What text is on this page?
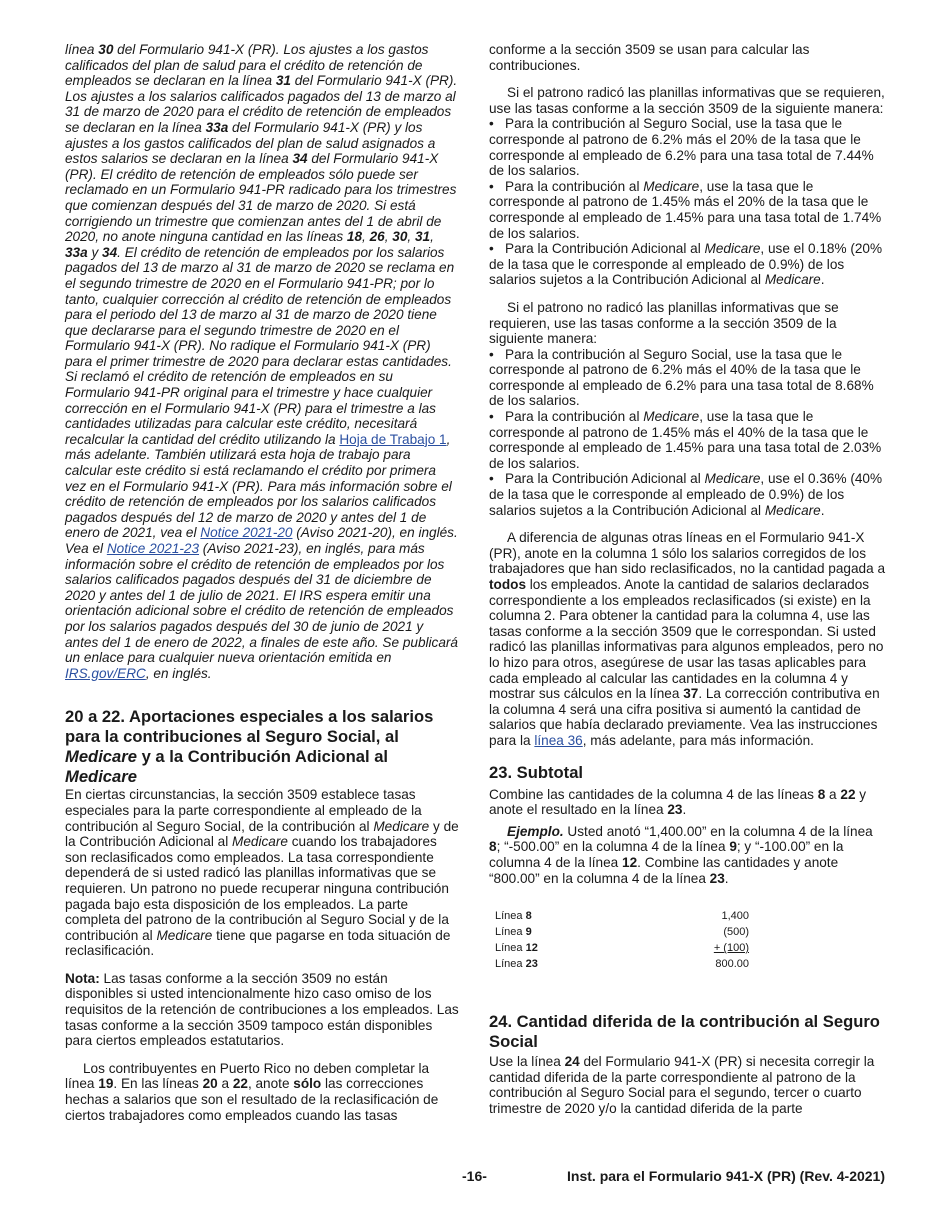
línea 30 del Formulario 941-X (PR). Los ajustes a los gastos calificados del plan de salud para el crédito de retención de empleados se declaran en la línea 31 del Formulario 941-X (PR). Los ajustes a los salarios calificados pagados del 13 de marzo al 31 de marzo de 2020 para el crédito de retención de empleados se declaran en la línea 33a del Formulario 941-X (PR) y los ajustes a los gastos calificados del plan de salud asignados a estos salarios se declaran en la línea 34 del Formulario 941-X (PR). El crédito de retención de empleados sólo puede ser reclamado en un Formulario 941-PR radicado para los trimestres que comienzan después del 31 de marzo de 2020. Si está corrigiendo un trimestre que comienzan antes del 1 de abril de 2020, no anote ninguna cantidad en las líneas 18, 26, 30, 31, 33a y 34. El crédito de retención de empleados por los salarios pagados del 13 de marzo al 31 de marzo de 2020 se reclama en el segundo trimestre de 2020 en el Formulario 941-PR; por lo tanto, cualquier corrección al crédito de retención de empleados para el periodo del 13 de marzo al 31 de marzo de 2020 tiene que declararse para el segundo trimestre de 2020 en el Formulario 941-X (PR). No radique el Formulario 941-X (PR) para el primer trimestre de 2020 para declarar estas cantidades. Si reclamó el crédito de retención de empleados en su Formulario 941-PR original para el trimestre y hace cualquier corrección en el Formulario 941-X (PR) para el trimestre a las cantidades utilizadas para calcular este crédito, necesitará recalcular la cantidad del crédito utilizando la Hoja de Trabajo 1, más adelante. También utilizará esta hoja de trabajo para calcular este crédito si está reclamando el crédito por primera vez en el Formulario 941-X (PR). Para más información sobre el crédito de retención de empleados por los salarios calificados pagados después del 12 de marzo de 2020 y antes del 1 de enero de 2021, vea el Notice 2021-20 (Aviso 2021-20), en inglés. Vea el Notice 2021-23 (Aviso 2021-23), en inglés, para más información sobre el crédito de retención de empleados por los salarios calificados pagados después del 31 de diciembre de 2020 y antes del 1 de julio de 2021. El IRS espera emitir una orientación adicional sobre el crédito de retención de empleados por los salarios pagados después del 30 de junio de 2021 y antes del 1 de enero de 2022, a finales de este año. Se publicará un enlace para cualquier nueva orientación emitida en IRS.gov/ERC, en inglés.

20 a 22. Aportaciones especiales a los salarios para la contribuciones al Seguro Social, al Medicare y a la Contribución Adicional al Medicare

En ciertas circunstancias, la sección 3509 establece tasas especiales para la parte correspondiente al empleado de la contribución al Seguro Social, de la contribución al Medicare y de la Contribución Adicional al Medicare cuando los trabajadores son reclasificados como empleados. La tasa correspondiente dependerá de si usted radicó las planillas informativas que se requieren. Un patrono no puede recuperar ninguna contribución pagada bajo esta disposición de los empleados. La parte completa del patrono de la contribución al Seguro Social y de la contribución al Medicare tiene que pagarse en toda situación de reclasificación.

Nota: Las tasas conforme a la sección 3509 no están disponibles si usted intencionalmente hizo caso omiso de los requisitos de la retención de contribuciones a los empleados. Las tasas conforme a la sección 3509 tampoco están disponibles para ciertos empleados estatutarios.

Los contribuyentes en Puerto Rico no deben completar la línea 19. En las líneas 20 a 22, anote sólo las correcciones hechas a salarios que son el resultado de la reclasificación de ciertos trabajadores como empleados cuando las tasas

conforme a la sección 3509 se usan para calcular las contribuciones.

Si el patrono radicó las planillas informativas que se requieren, use las tasas conforme a la sección 3509 de la siguiente manera:

• Para la contribución al Seguro Social, use la tasa que le corresponde al patrono de 6.2% más el 20% de la tasa que le corresponde al empleado de 6.2% para una tasa total de 7.44% de los salarios.

• Para la contribución al Medicare, use la tasa que le corresponde al patrono de 1.45% más el 20% de la tasa que le corresponde al empleado de 1.45% para una tasa total de 1.74% de los salarios.

• Para la Contribución Adicional al Medicare, use el 0.18% (20% de la tasa que le corresponde al empleado de 0.9%) de los salarios sujetos a la Contribución Adicional al Medicare.

Si el patrono no radicó las planillas informativas que se requieren, use las tasas conforme a la sección 3509 de la siguiente manera:

• Para la contribución al Seguro Social, use la tasa que le corresponde al patrono de 6.2% más el 40% de la tasa que le corresponde al empleado de 6.2% para una tasa total de 8.68% de los salarios.

• Para la contribución al Medicare, use la tasa que le corresponde al patrono de 1.45% más el 40% de la tasa que le corresponde al empleado de 1.45% para una tasa total de 2.03% de los salarios.

• Para la Contribución Adicional al Medicare, use el 0.36% (40% de la tasa que le corresponde al empleado de 0.9%) de los salarios sujetos a la Contribución Adicional al Medicare.

A diferencia de algunas otras líneas en el Formulario 941-X (PR), anote en la columna 1 sólo los salarios corregidos de los trabajadores que han sido reclasificados, no la cantidad pagada a todos los empleados. Anote la cantidad de salarios declarados correspondiente a los empleados reclasificados (si existe) en la columna 2. Para obtener la cantidad para la columna 4, use las tasas conforme a la sección 3509 que le correspondan. Si usted radicó las planillas informativas para algunos empleados, pero no lo hizo para otros, asegúrese de usar las tasas aplicables para cada empleado al calcular las cantidades en la columna 4 y mostrar sus cálculos en la línea 37. La corrección contributiva en la columna 4 será una cifra positiva si aumentó la cantidad de salarios que había declarado previamente. Vea las instrucciones para la línea 36, más adelante, para más información.

23. Subtotal

Combine las cantidades de la columna 4 de las líneas 8 a 22 y anote el resultado en la línea 23.

Ejemplo. Usted anotó “1,400.00” en la columna 4 de la línea 8; “-500.00” en la columna 4 de la línea 9; y “-100.00” en la columna 4 de la línea 12. Combine las cantidades y anote “800.00” en la columna 4 de la línea 23.

Línea 8	1,400
Línea 9	(500)
Línea 12	+ (100)
Línea 23	800.00
24. Cantidad diferida de la contribución al Seguro Social

Use la línea 24 del Formulario 941-X (PR) si necesita corregir la cantidad diferida de la parte correspondiente al patrono de la contribución al Seguro Social para el segundo, tercer o cuarto trimestre de 2020 y/o la cantidad diferida de la parte

-16-	Inst. para el Formulario 941-X (PR) (Rev. 4-2021)
